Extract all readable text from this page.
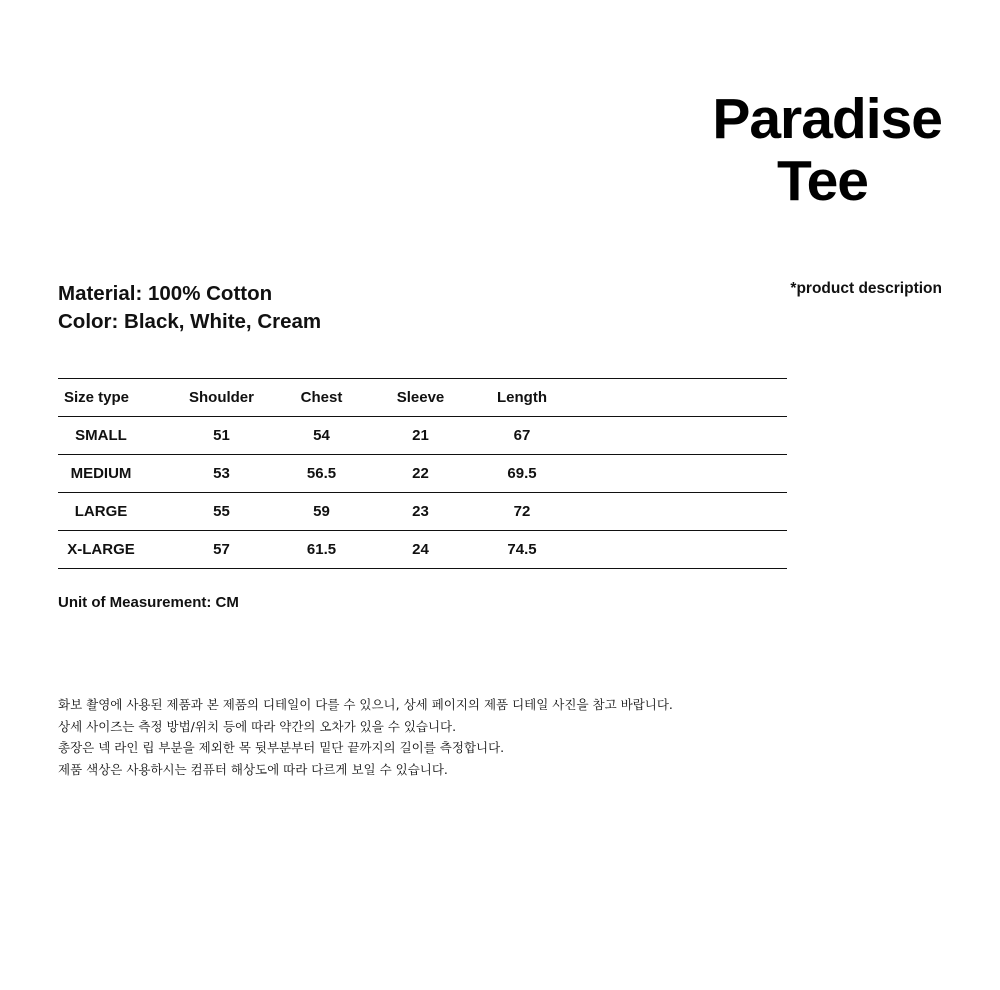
Paradise
Tee
*product description
Material: 100% Cotton
Color: Black, White, Cream
Size type	Shoulder	Chest	Sleeve	Length	
SMALL	51	54	21	67	
MEDIUM	53	56.5	22	69.5	
LARGE	55	59	23	72	
X-LARGE	57	61.5	24	74.5	
Unit of Measurement: CM
화보 촬영에 사용된 제품과 본 제품의 디테일이 다를 수 있으니, 상세 페이지의 제품 디테일 사진을 참고 바랍니다.
상세 사이즈는 측정 방법/위치 등에 따라 약간의 오차가 있을 수 있습니다.
총장은 넥 라인 립 부분을 제외한 목 뒷부분부터 밑단 끝까지의 길이를 측정합니다.
제품 색상은 사용하시는 컴퓨터 해상도에 따라 다르게 보일 수 있습니다.
